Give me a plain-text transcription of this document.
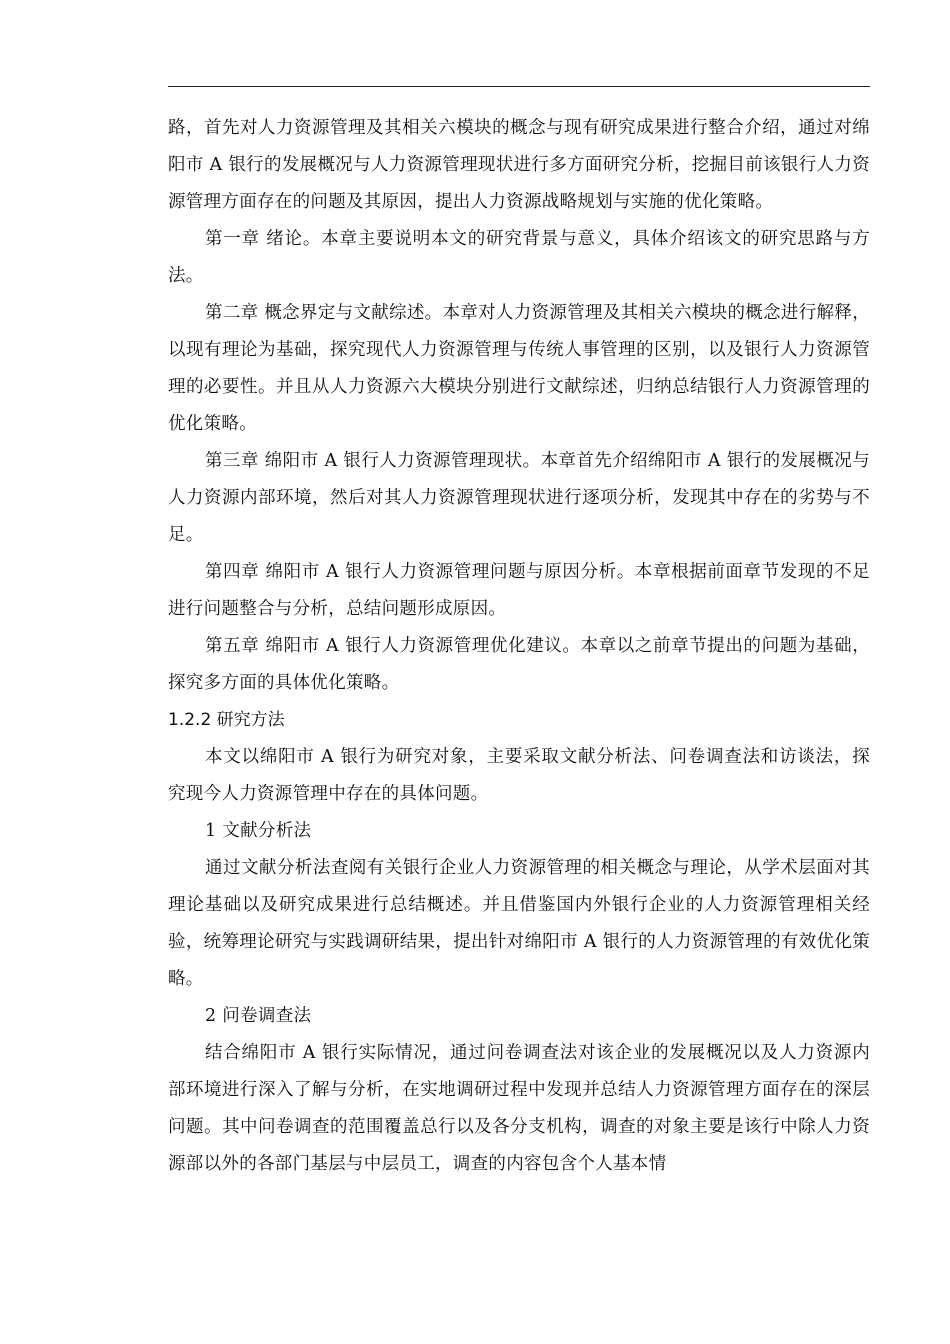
路，首先对人力资源管理及其相关六模块的概念与现有研究成果进行整合介绍，通过对绵阳市 A 银行的发展概况与人力资源管理现状进行多方面研究分析，挖掘目前该银行人力资源管理方面存在的问题及其原因，提出人力资源战略规划与实施的优化策略。

第一章 绪论。本章主要说明本文的研究背景与意义，具体介绍该文的研究思路与方法。

第二章 概念界定与文献综述。本章对人力资源管理及其相关六模块的概念进行解释，以现有理论为基础，探究现代人力资源管理与传统人事管理的区别，以及银行人力资源管理的必要性。并且从人力资源六大模块分别进行文献综述，归纳总结银行人力资源管理的优化策略。

第三章 绵阳市 A 银行人力资源管理现状。本章首先介绍绵阳市 A 银行的发展概况与人力资源内部环境，然后对其人力资源管理现状进行逐项分析，发现其中存在的劣势与不足。

第四章 绵阳市 A 银行人力资源管理问题与原因分析。本章根据前面章节发现的不足进行问题整合与分析，总结问题形成原因。

第五章 绵阳市 A 银行人力资源管理优化建议。本章以之前章节提出的问题为基础，探究多方面的具体优化策略。

1.2.2 研究方法

本文以绵阳市 A 银行为研究对象，主要采取文献分析法、问卷调查法和访谈法，探究现今人力资源管理中存在的具体问题。

1 文献分析法

通过文献分析法查阅有关银行企业人力资源管理的相关概念与理论，从学术层面对其理论基础以及研究成果进行总结概述。并且借鉴国内外银行企业的人力资源管理相关经验，统筹理论研究与实践调研结果，提出针对绵阳市 A 银行的人力资源管理的有效优化策略。

2 问卷调查法

结合绵阳市 A 银行实际情况，通过问卷调查法对该企业的发展概况以及人力资源内部环境进行深入了解与分析，在实地调研过程中发现并总结人力资源管理方面存在的深层问题。其中问卷调查的范围覆盖总行以及各分支机构，调查的对象主要是该行中除人力资源部以外的各部门基层与中层员工，调查的内容包含个人基本情
